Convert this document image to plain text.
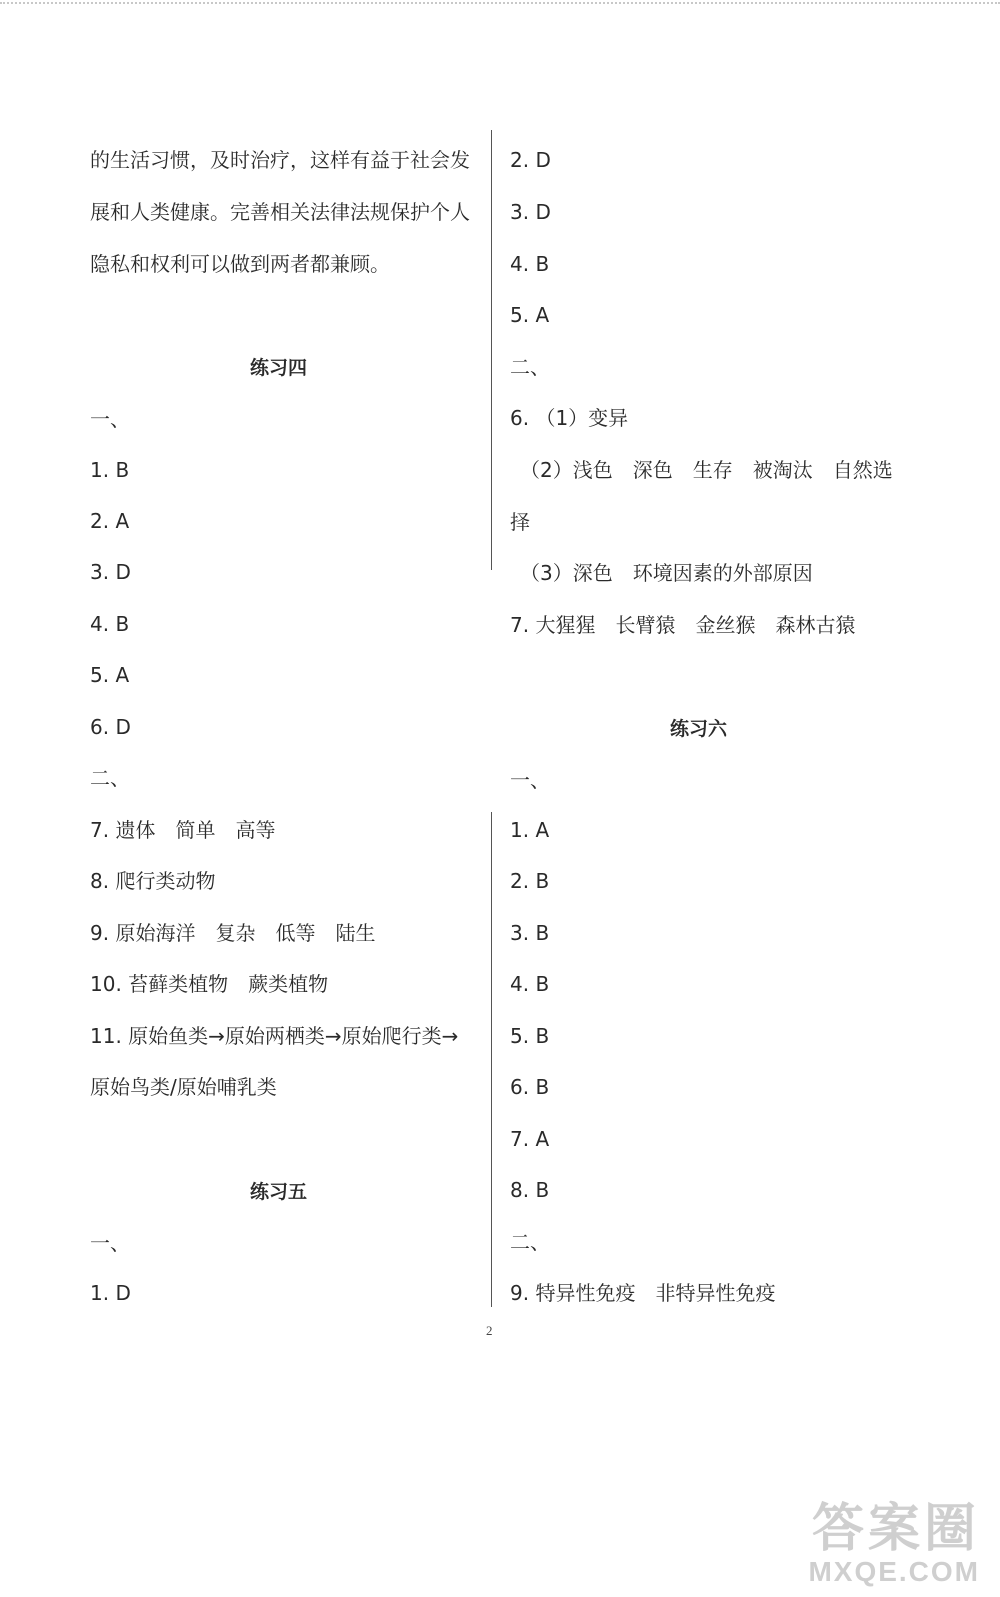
的生活习惯，及时治疗，这样有益于社会发
展和人类健康。完善相关法律法规保护个人
隐私和权利可以做到两者都兼顾。
练习四
一、
1. B
2. A
3. D
4. B
5. A
6. D
二、
7. 遗体　简单　高等
8. 爬行类动物
9. 原始海洋　复杂　低等　陆生
10. 苔藓类植物　蕨类植物
11. 原始鱼类→原始两栖类→原始爬行类→
原始鸟类/原始哺乳类
练习五
一、
1. D
2. D
3. D
4. B
5. A
二、
6. （1）变异
（2）浅色　深色　生存　被淘汰　自然选
择
（3）深色　环境因素的外部原因
7. 大猩猩　长臂猿　金丝猴　森林古猿
练习六
一、
1. A
2. B
3. B
4. B
5. B
6. B
7. A
8. B
二、
9. 特异性免疫　非特异性免疫
2
答案圈
MXQE.COM
